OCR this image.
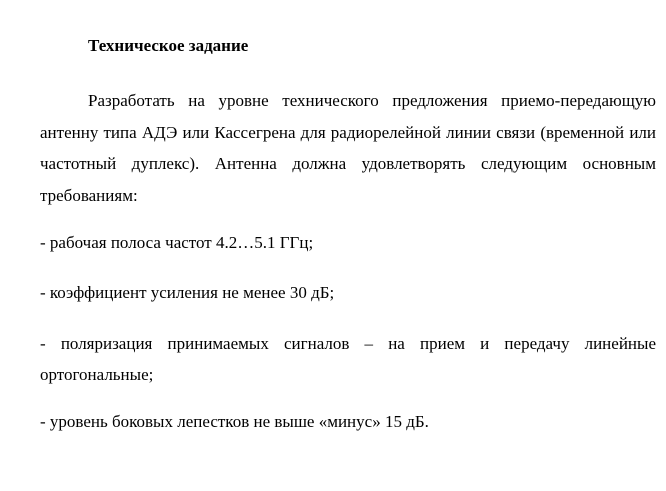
Техническое задание

Разработать на уровне технического предложения приемо-передающую антенну типа АДЭ или Кассегрена для радиорелейной линии связи (временной или частотный дуплекс). Антенна должна удовлетворять следующим основным требованиям:

- рабочая полоса частот 4.2…5.1 ГГц;

- коэффициент усиления не менее 30 дБ;

- поляризация принимаемых сигналов – на прием и передачу линейные ортогональные;

- уровень боковых лепестков не выше «минус» 15 дБ.
